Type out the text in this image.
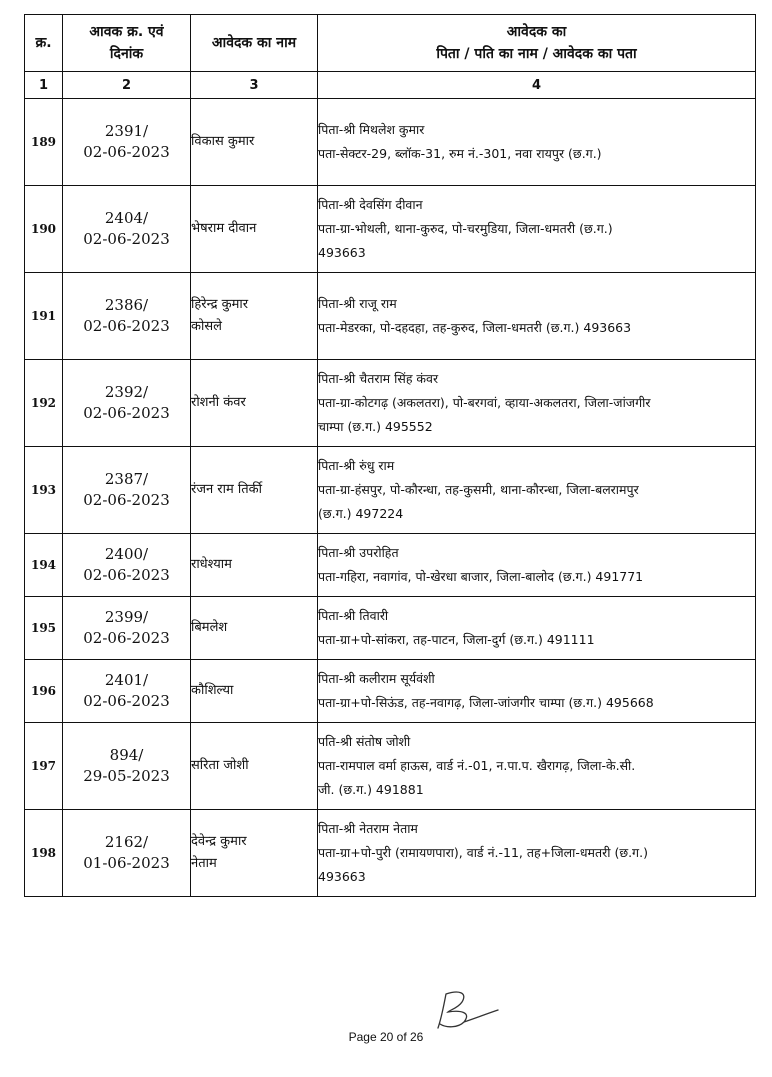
क्र.	आवक क्र. एवं
दिनांक	आवेदक का नाम	आवेदक का
पिता / पति का नाम / आवेदक का पता

1	2	3	4
189	2391/
02-06-2023	विकास कुमार	पिता-श्री मिथलेश कुमार
पता-सेक्टर-29, ब्लॉक-31, रुम नं.-301, नवा रायपुर (छ.ग.)

190	2404/
02-06-2023	भेषराम दीवान	पिता-श्री देवसिंग दीवान
पता-ग्रा-भोथली, थाना-कुरुद, पो-चरमुडिया, जिला-धमतरी (छ.ग.)
493663

191	2386/
02-06-2023	हिरेन्द्र कुमार
कोसले	पिता-श्री राजू राम
पता-मेडरका, पो-दहदहा, तह-कुरुद, जिला-धमतरी (छ.ग.) 493663

192	2392/
02-06-2023	रोशनी कंवर	पिता-श्री चैतराम सिंह कंवर
पता-ग्रा-कोटगढ़ (अकलतरा), पो-बरगवां, व्हाया-अकलतरा, जिला-जांजगीर
चाम्पा (छ.ग.) 495552

193	2387/
02-06-2023	रंजन राम तिर्की	पिता-श्री रुंधु राम
पता-ग्रा-हंसपुर, पो-कौरन्धा, तह-कुसमी, थाना-कौरन्धा, जिला-बलरामपुर
(छ.ग.) 497224

194	2400/
02-06-2023	राधेश्याम	पिता-श्री उपरोहित
पता-गहिरा, नवागांव, पो-खेरधा बाजार, जिला-बालोद (छ.ग.) 491771

195	2399/
02-06-2023	बिमलेश	पिता-श्री तिवारी
पता-ग्रा+पो-सांकरा, तह-पाटन, जिला-दुर्ग (छ.ग.) 491111

196	2401/
02-06-2023	कौशिल्या	पिता-श्री कलीराम सूर्यवंशी
पता-ग्रा+पो-सिऊंड, तह-नवागढ़, जिला-जांजगीर चाम्पा (छ.ग.) 495668

197	894/
29-05-2023	सरिता जोशी	पति-श्री संतोष जोशी
पता-रामपाल वर्मा हाऊस, वार्ड नं.-01, न.पा.प. खैरागढ़, जिला-के.सी.
जी. (छ.ग.) 491881

198	2162/
01-06-2023	देवेन्द्र कुमार
नेताम	पिता-श्री नेतराम नेताम
पता-ग्रा+पो-पुरी (रामायणपारा), वार्ड नं.-11, तह+जिला-धमतरी (छ.ग.)
493663
Page 20 of 26
